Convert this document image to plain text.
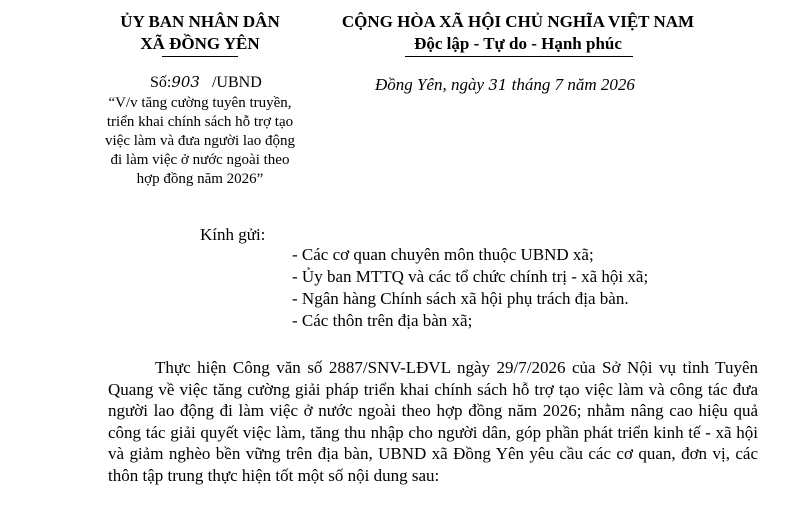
ỦY BAN NHÂN DÂN
XÃ ĐỒNG YÊN
Số:903 /UBND
“V/v tăng cường tuyên truyền,
triển khai chính sách hỗ trợ tạo
việc làm và đưa người lao động
đi làm việc ở nước ngoài theo
hợp đồng năm 2026”
CỘNG HÒA XÃ HỘI CHỦ NGHĨA VIỆT NAM
Độc lập - Tự do - Hạnh phúc
Đồng Yên, ngày 31 tháng 7 năm 2026
Kính gửi:
- Các cơ quan chuyên môn thuộc UBND xã;
- Ủy ban MTTQ và các tổ chức chính trị - xã hội xã;
- Ngân hàng Chính sách xã hội phụ trách địa bàn.
- Các thôn trên địa bàn xã;
Thực hiện Công văn số 2887/SNV-LĐVL ngày 29/7/2026 của Sở Nội vụ tỉnh Tuyên Quang về việc tăng cường giải pháp triển khai chính sách hỗ trợ tạo việc làm và công tác đưa người lao động đi làm việc ở nước ngoài theo hợp đồng năm 2026; nhằm nâng cao hiệu quả công tác giải quyết việc làm, tăng thu nhập cho người dân, góp phần phát triển kinh tế - xã hội và giảm nghèo bền vững trên địa bàn, UBND xã Đồng Yên yêu cầu các cơ quan, đơn vị, các thôn tập trung thực hiện tốt một số nội dung sau:
